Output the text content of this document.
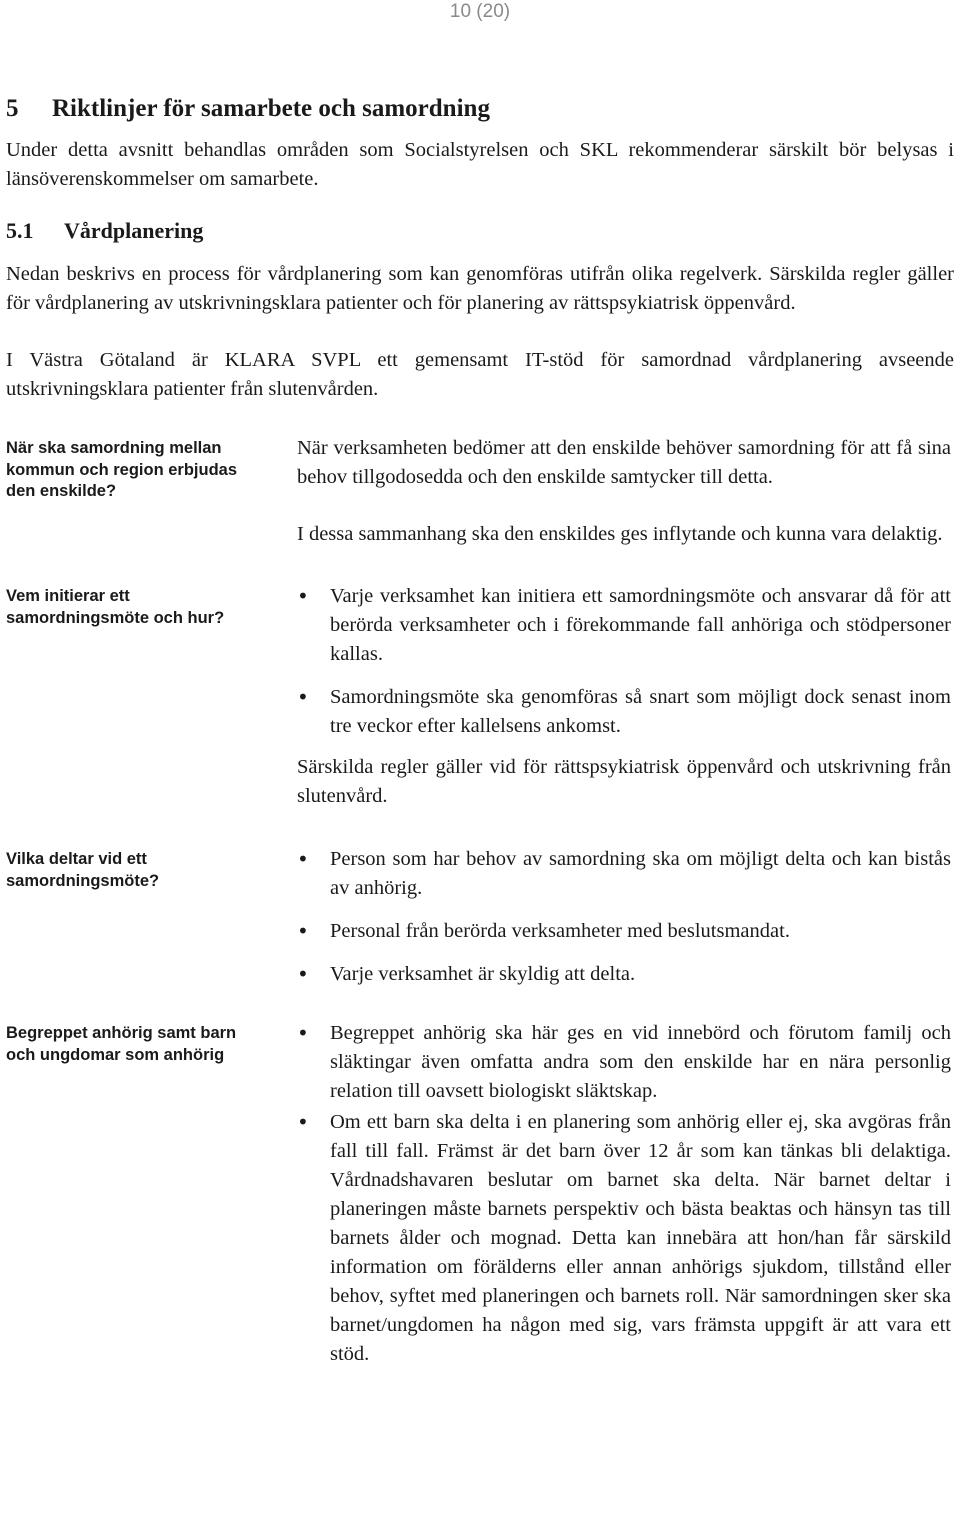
10 (20)
5 Riktlinjer för samarbete och samordning

Under detta avsnitt behandlas områden som Socialstyrelsen och SKL rekommenderar särskilt bör belysas i länsöverenskommelser om samarbete.

5.1 Vårdplanering

Nedan beskrivs en process för vårdplanering som kan genomföras utifrån olika regelverk. Särskilda regler gäller för vårdplanering av utskrivningsklara patienter och för planering av rättspsykiatrisk öppenvård.

I Västra Götaland är KLARA SVPL ett gemensamt IT-stöd för samordnad vårdplanering avseende utskrivningsklara patienter från slutenvården.

När ska samordning mellan kommun och region erbjudas den enskilde?

När verksamheten bedömer att den enskilde behöver samordning för att få sina behov tillgodosedda och den enskilde samtycker till detta.

I dessa sammanhang ska den enskildes ges inflytande och kunna vara delaktig.

Vem initierar ett samordningsmöte och hur?
• Varje verksamhet kan initiera ett samordningsmöte och ansvarar då för att berörda verksamheter och i förekommande fall anhöriga och stödpersoner kallas.
• Samordningsmöte ska genomföras så snart som möjligt dock senast inom tre veckor efter kallelsens ankomst.

Särskilda regler gäller vid för rättspsykiatrisk öppenvård och utskrivning från slutenvård.

Vilka deltar vid ett samordningsmöte?
• Person som har behov av samordning ska om möjligt delta och kan bistås av anhörig.
• Personal från berörda verksamheter med beslutsmandat.
• Varje verksamhet är skyldig att delta.
Begreppet anhörig samt barn och ungdomar som anhörig
• Begreppet anhörig ska här ges en vid innebörd och förutom familj och släktingar även omfatta andra som den enskilde har en nära personlig relation till oavsett biologiskt släktskap.
• Om ett barn ska delta i en planering som anhörig eller ej, ska avgöras från fall till fall. Främst är det barn över 12 år som kan tänkas bli delaktiga. Vårdnadshavaren beslutar om barnet ska delta. När barnet deltar i planeringen måste barnets perspektiv och bästa beaktas och hänsyn tas till barnets ålder och mognad. Detta kan innebära att hon/han får särskild information om förälderns eller annan anhörigs sjukdom, tillstånd eller behov, syftet med planeringen och barnets roll. När samordningen sker ska barnet/ungdomen ha någon med sig, vars främsta uppgift är att vara ett stöd.
